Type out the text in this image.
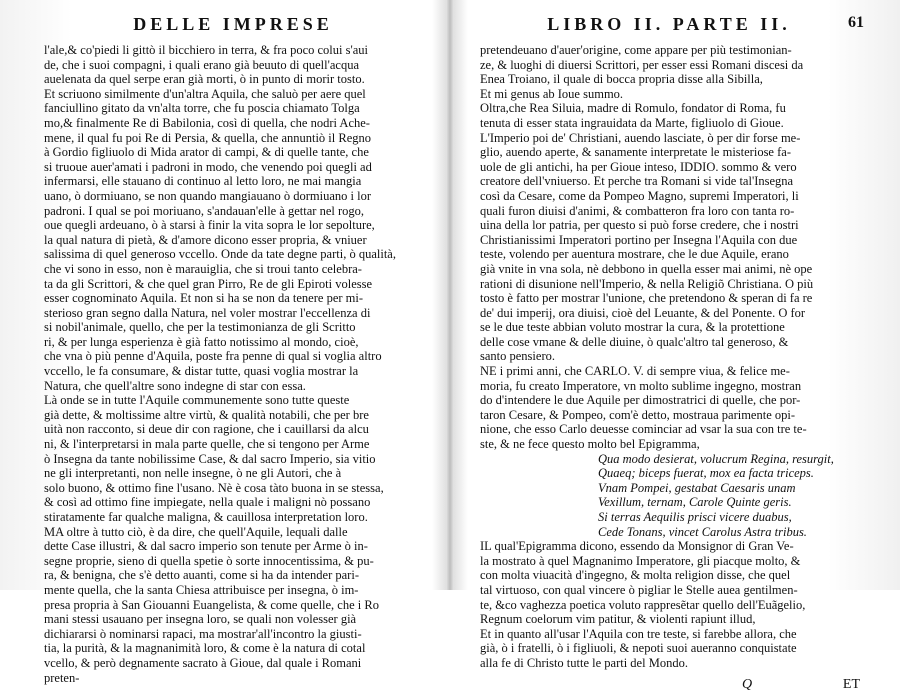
DELLE IMPRESE
l'ale,& co'piedi li gittò il bicchiero in terra, & fra poco colui s'aui
de, che i suoi compagni, i quali erano già beuuto di quell'acqua
auelenata da quel serpe eran già morti, ò in punto di morir tosto.
Et scriuono similmente d'un'altra Aquila, che saluò per aere quel
fanciullino gitato da vn'alta torre, che fu poscia chiamato Tolga
mo,& finalmente Re di Babilonia, così di quella, che nodri Ache-
mene, il qual fu poi Re di Persia, & quella, che annuntiò il Regno
à Gordio figliuolo di Mida arator di campi, & di quelle tante, che
si truoue auer'amati i padroni in modo, che venendo poi quegli ad
infermarsi, elle stauano di continuo al letto loro, ne mai mangia
uano, ò dormiuano, se non quando mangiauano ò dormiuano i lor
padroni. I qual se poi moriuano, s'andauan'elle à gettar nel rogo,
oue quegli ardeuano, ò à starsi à finir la vita sopra le lor sepolture,
la qual natura di pietà, & d'amore dicono esser propria, & vniuer
salissima di quel generoso vccello. Onde da tate degne parti, ò qualità,
che vi sono in esso, non è marauiglia, che si troui tanto celebra-
ta da gli Scrittori, & che quel gran Pirro, Re de gli Epiroti volesse
esser cognominato Aquila. Et non si ha se non da tenere per mi-
sterioso gran segno dalla Natura, nel voler mostrar l'eccellenza di
si nobil'animale, quello, che per la testimonianza de gli Scritto
ri, & per lunga esperienza è già fatto notissimo al mondo, cioè,
che vna ò più penne d'Aquila, poste fra penne di qual si voglia altro
vccello, le fa consumare, & distar tutte, quasi voglia mostrar la
Natura, che quell'altre sono indegne di star con essa.
Là onde se in tutte l'Aquile communemente sono tutte queste
già dette, & moltissime altre virtù, & qualità notabili, che per bre
uità non racconto, si deue dir con ragione, che i cauillarsi da alcu
ni, & l'interpretarsi in mala parte quelle, che si tengono per Arme
ò Insegna da tante nobilissime Case, & dal sacro Imperio, sia vitio
ne gli interpretanti, non nelle insegne, ò ne gli Autori, che à
solo buono, & ottimo fine l'usano. Nè è cosa tàto buona in se stessa,
& così ad ottimo fine impiegate, nella quale i maligni nò possano
stiratamente far qualche maligna, & cauillosa interpretation loro.
MA oltre à tutto ciò, è da dire, che quell'Aquile, lequali dalle
dette Case illustri, & dal sacro imperio son tenute per Arme ò in-
segne proprie, sieno di quella spetie ò sorte innocentissima, & pu-
ra, & benigna, che s'è detto auanti, come si ha da intender pari-
mente quella, che la santa Chiesa attribuisce per insegna, ò im-
presa propria à San Giouanni Euangelista, & come quelle, che i Ro
mani stessi usauano per insegna loro, se quali non volesser già
dichiararsi ò nominarsi rapaci, ma mostrar'all'incontro la giusti-
tia, la purità, & la magnanimità loro, & come è la natura di cotal
vcello, & però degnamente sacrato à Gioue, dal quale i Romani
preten-
LIBRO II. PARTE II.	61
pretendeuano d'auer'origine, come appare per più testimonian-
ze, & luoghi di diuersi Scrittori, per esser essi Romani discesi da
Enea Troiano, il quale di bocca propria disse alla Sibilla,
Et mi genus ab Ioue summo.
Oltra,che Rea Siluia, madre di Romulo, fondator di Roma, fu
tenuta di esser stata ingrauidata da Marte, figliuolo di Gioue.
L'Imperio poi de' Christiani, auendo lasciate, ò per dir forse me-
glio, auendo aperte, & sanamente interpretate le misteriose fa-
uole de gli antichi, ha per Gioue inteso, IDDIO. sommo & vero
creatore dell'vniuerso. Et perche tra Romani si vide tal'Insegna
così da Cesare, come da Pompeo Magno, supremi Imperatori, li
quali furon diuisi d'animi, & combatteron fra loro con tanta ro-
uina della lor patria, per questo si può forse credere, che i nostri
Christianissimi Imperatori portino per Insegna l'Aquila con due
teste, volendo per auentura mostrare, che le due Aquile, erano
già vnite in vna sola, nè debbono in quella esser mai animi, nè ope
rationi di disunione nell'Imperio, & nella Religiõ Christiana. O più
tosto è fatto per mostrar l'unione, che pretendono & speran di fa re
de' dui imperij, ora diuisi, cioè del Leuante, & del Ponente. O for
se le due teste abbian voluto mostrar la cura, & la protettione
delle cose vmane & delle diuine, ò qualc'altro tal generoso, &
santo pensiero.
NE i primi anni, che CARLO. V. di sempre viua, & felice me-
moria, fu creato Imperatore, vn molto sublime ingegno, mostran
do d'intendere le due Aquile per dimostratrici di quelle, che por-
taron Cesare, & Pompeo, com'è detto, mostraua parimente opi-
nione, che esso Carlo deuesse cominciar ad vsar la sua con tre te-
ste, & ne fece questo molto bel Epigramma,
Qua modo desierat, volucrum Regina, resurgit,
Quaeq; biceps fuerat, mox ea facta triceps.
Vnam Pompei, gestabat Caesaris unam
Vexillum, ternam, Carole Quinte geris.
Si terras Aequilis prisci vicere duabus,
Cede Tonans, vincet Carolus Astra tribus.
IL qual'Epigramma dicono, essendo da Monsignor di Gran Ve-
la mostrato à quel Magnanimo Imperatore, gli piacque molto, &
con molta viuacità d'ingegno, & molta religion disse, che quel
tal virtuoso, con qual vincere ò pigliar le Stelle auea gentilmen-
te, &co vaghezza poetica voluto rappresẽtar quello dell'Euãgelio,
Regnum coelorum vim patitur, & violenti rapiunt illud,
Et in quanto all'usar l'Aquila con tre teste, si farebbe allora, che
già, ò i fratelli, ò i figliuoli, & nepoti suoi aueranno conquistate
alla fe di Christo tutte le parti del Mondo.
Q	ET
